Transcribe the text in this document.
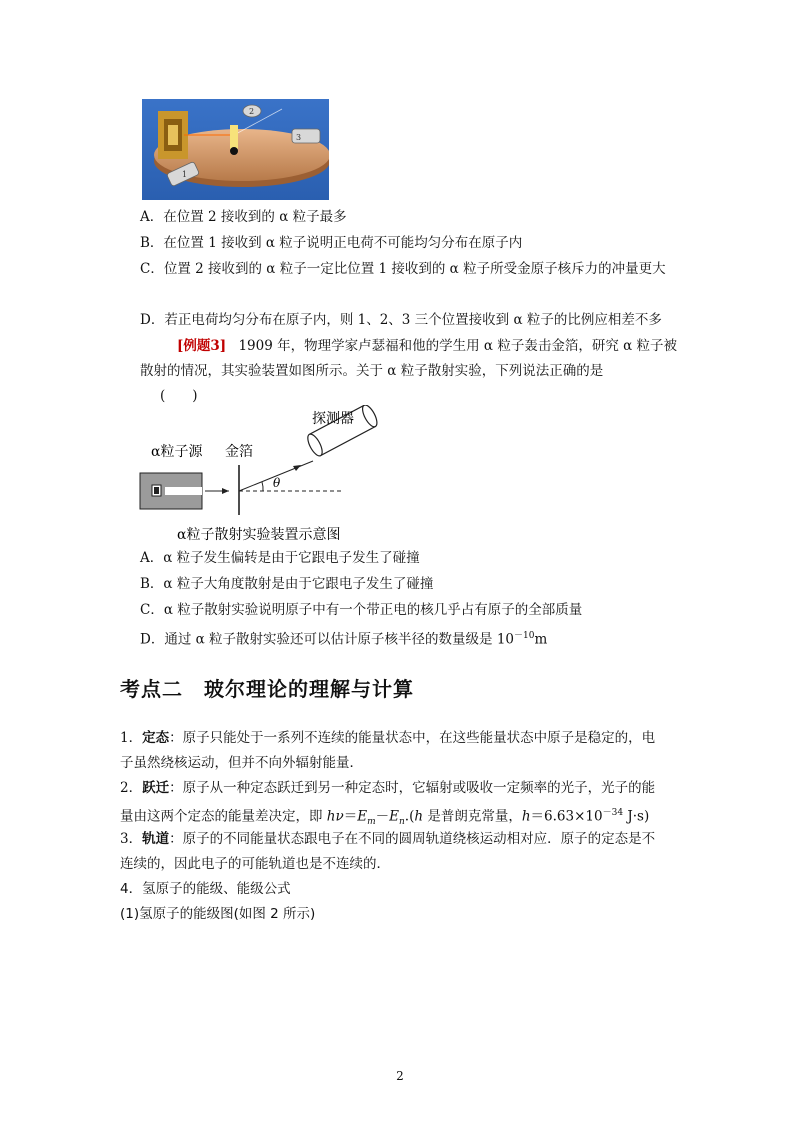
2
3
1
A．在位置 2 接收到的 α 粒子最多
B．在位置 1 接收到 α 粒子说明正电荷不可能均匀分布在原子内
C．位置 2 接收到的 α 粒子一定比位置 1 接收到的 α 粒子所受金原子核斥力的冲量更大
D．若正电荷均匀分布在原子内，则 1、2、3 三个位置接收到 α 粒子的比例应相差不多
[例题3] 1909 年，物理学家卢瑟福和他的学生用 α 粒子轰击金箔，研究 α 粒子被
散射的情况，其实验装置如图所示。关于 α 粒子散射实验，下列说法正确的是
(　　)
探测器
α粒子源 金箔
θ
α粒子散射实验装置示意图
A．α 粒子发生偏转是由于它跟电子发生了碰撞
B．α 粒子大角度散射是由于它跟电子发生了碰撞
C．α 粒子散射实验说明原子中有一个带正电的核几乎占有原子的全部质量
D．通过 α 粒子散射实验还可以估计原子核半径的数量级是 $10^{-10}m$
考点二　玻尔理论的理解与计算
1．定态：原子只能处于一系列不连续的能量状态中，在这些能量状态中原子是稳定的，电
子虽然绕核运动，但并不向外辐射能量．
2．跃迁：原子从一种定态跃迁到另一种定态时，它辐射或吸收一定频率的光子，光子的能
量由这两个定态的能量差决定，即 $h\nu=E_m-E_n.(h$ 是普朗克常量，$h=6.63\times 10^{-34}$ J·s)
3．轨道：原子的不同能量状态跟电子在不同的圆周轨道绕核运动相对应．原子的定态是不
连续的，因此电子的可能轨道也是不连续的．
4．氢原子的能级、能级公式
(1)氢原子的能级图(如图 2 所示)
2
